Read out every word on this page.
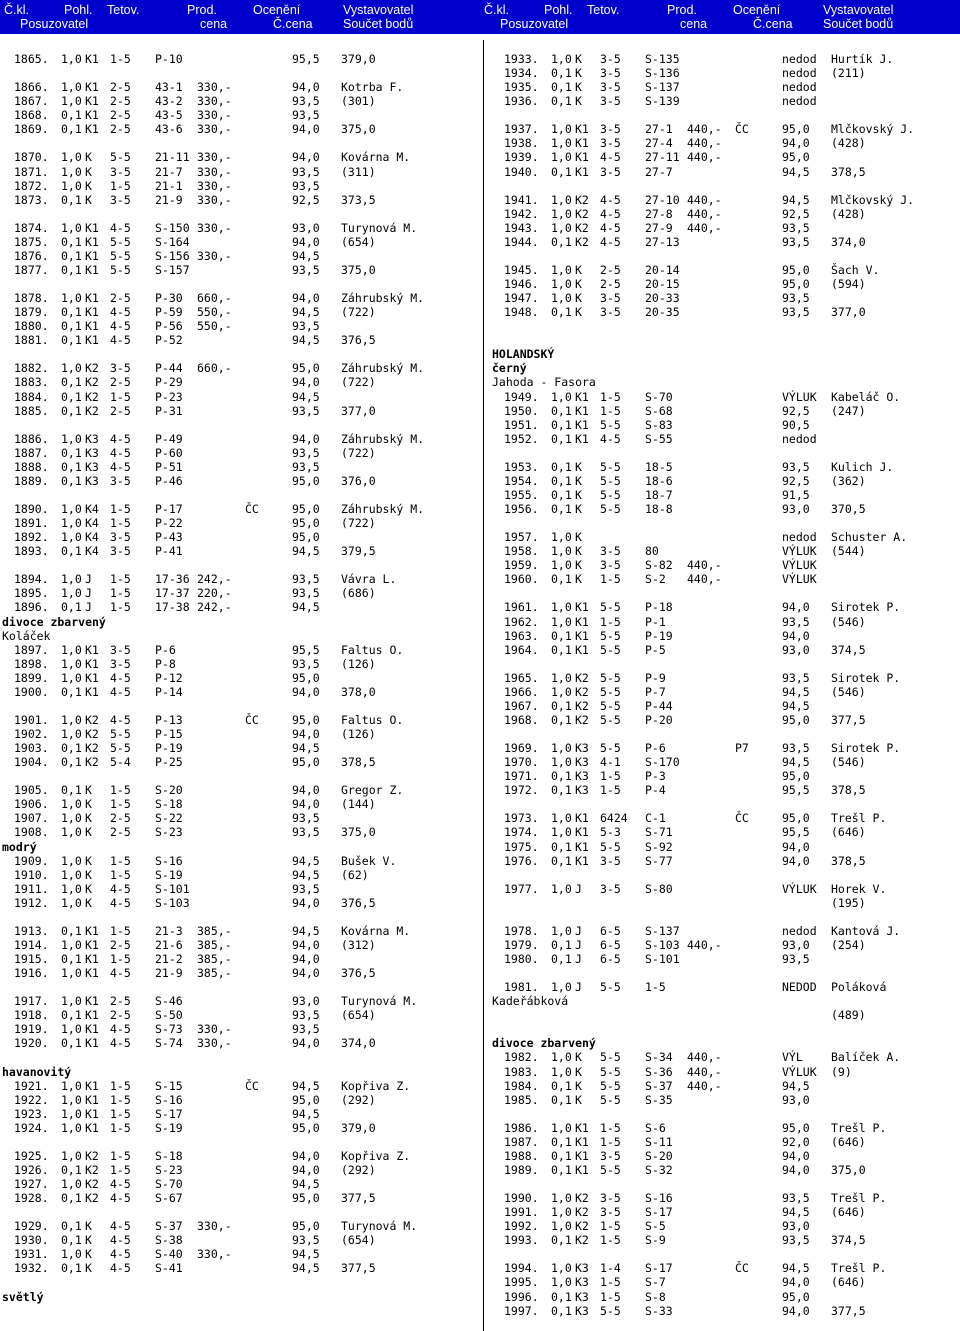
Č.kl.
Posuzovatel
Pohl. Tetov.	Prod.
cena
Ocenění
Č.cena
Vystavovatel
Součet bodů
Č.kl.
Posuzovatel
Pohl. Tetov.	Prod.
cena
Ocenění
Č.cena
Vystavovatel
Součet bodů
1865. 1,0 K1 1-5 P-10	95,5 379,0
1866. 1,0 K1 2-5 43-1 330,-	94,0 Kotrba F.
1867. 1,0 K1 2-5 43-2 330,-	93,5 (301)
1868. 0,1 K1 2-5 43-5 330,-	93,5
1869. 0,1 K1 2-5 43-6 330,-	94,0 375,0
1870. 1,0 K 5-5 21-11 330,-	94,0 Kovárna M.
1871. 1,0 K 3-5 21-7 330,-	93,5 (311)
1872. 1,0 K 1-5 21-1 330,-	93,5
1873. 0,1 K 3-5 21-9 330,-	92,5 373,5
1874. 1,0 K1 4-5 S-150 330,-	93,0 Turynová M.
1875. 0,1 K1 5-5 S-164	94,0 (654)
1876. 0,1 K1 5-5 S-156 330,-	94,5
1877. 0,1 K1 5-5 S-157	93,5 375,0
1878. 1,0 K1 2-5 P-30 660,-	94,0 Záhrubský M.
1879. 0,1 K1 4-5 P-59 550,-	94,5 (722)
1880. 0,1 K1 4-5 P-56 550,-	93,5
1881. 0,1 K1 4-5 P-52	94,5 376,5
1882. 1,0 K2 3-5 P-44 660,-	95,0 Záhrubský M.
1883. 0,1 K2 2-5 P-29	94,0 (722)
1884. 0,1 K2 1-5 P-23	94,5
1885. 0,1 K2 2-5 P-31	93,5 377,0
1886. 1,0 K3 4-5 P-49	94,0 Záhrubský M.
1887. 0,1 K3 4-5 P-60	93,5 (722)
1888. 0,1 K3 4-5 P-51	93,5
1889. 0,1 K3 3-5 P-46	95,0 376,0
1890. 1,0 K4 1-5 P-17	ČC	95,0 Záhrubský M.
1891. 1,0 K4 1-5 P-22	95,0 (722)
1892. 1,0 K4 3-5 P-43	95,0
1893. 0,1 K4 3-5 P-41	94,5 379,5
1894. 1,0 J 1-5 17-36 242,-	93,5 Vávra L.
1895. 1,0 J 1-5 17-37 220,-	93,5 (686)
1896. 0,1 J 1-5 17-38 242,-	94,5
divoce zbarvený
Koláček
1897. 1,0 K1 3-5 P-6	95,5 Faltus O.
1898. 1,0 K1 3-5 P-8	93,5 (126)
1899. 1,0 K1 4-5 P-12	95,0
1900. 0,1 K1 4-5 P-14	94,0 378,0
1901. 1,0 K2 4-5 P-13	ČC	95,0 Faltus O.
1902. 1,0 K2 5-5 P-15	94,0 (126)
1903. 0,1 K2 5-5 P-19	94,5
1904. 0,1 K2 5-4 P-25	95,0 378,5
1905. 0,1 K 1-5 S-20	94,0 Gregor Z.
1906. 1,0 K 1-5 S-18	94,0 (144)
1907. 1,0 K 2-5 S-22	93,5
1908. 1,0 K 2-5 S-23	93,5 375,0
modrý
1909. 1,0 K 1-5 S-16	94,5 Bušek V.
1910. 1,0 K 1-5 S-19	94,5 (62)
1911. 1,0 K 4-5 S-101	93,5
1912. 1,0 K 4-5 S-103	94,0 376,5
1913. 0,1 K1 1-5 21-3 385,-	94,5 Kovárna M.
1914. 1,0 K1 2-5 21-6 385,-	94,0 (312)
1915. 0,1 K1 1-5 21-2 385,-	94,0
1916. 1,0 K1 4-5 21-9 385,-	94,0 376,5
1917. 1,0 K1 2-5 S-46	93,0 Turynová M.
1918. 0,1 K1 2-5 S-50	93,5 (654)
1919. 1,0 K1 4-5 S-73 330,-	93,5
1920. 0,1 K1 4-5 S-74 330,-	94,0 374,0
havanovitý
1921. 1,0 K1 1-5 S-15	ČC	94,5 Kopřiva Z.
1922. 1,0 K1 1-5 S-16	95,0 (292)
1923. 1,0 K1 1-5 S-17	94,5
1924. 1,0 K1 1-5 S-19	95,0 379,0
1925. 1,0 K2 1-5 S-18	94,0 Kopřiva Z.
1926. 0,1 K2 1-5 S-23	94,0 (292)
1927. 1,0 K2 4-5 S-70	94,5
1928. 0,1 K2 4-5 S-67	95,0 377,5
1929. 0,1 K 4-5 S-37 330,-	95,0 Turynová M.
1930. 0,1 K 4-5 S-38	93,5 (654)
1931. 1,0 K 4-5 S-40 330,-	94,5
1932. 0,1 K 4-5 S-41	94,5 377,5
světlý
1933. 1,0 K 3-5 S-135	nedod Hurtík J.
1934. 0,1 K 3-5 S-136	nedod (211)
1935. 0,1 K 3-5 S-137	nedod
1936. 0,1 K 3-5 S-139	nedod
1937. 1,0 K1 3-5 27-1 440,- ČC	95,0 Mlčkovský J.
1938. 1,0 K1 3-5 27-4 440,-	94,0 (428)
1939. 1,0 K1 4-5 27-11 440,-	95,0
1940. 0,1 K1 3-5 27-7	94,5 378,5
1941. 1,0 K2 4-5 27-10 440,-	94,5 Mlčkovský J.
1942. 1,0 K2 4-5 27-8 440,-	92,5 (428)
1943. 1,0 K2 4-5 27-9 440,-	93,5
1944. 0,1 K2 4-5 27-13	93,5 374,0
1945. 1,0 K 2-5 20-14	95,0 Šach V.
1946. 1,0 K 2-5 20-15	95,0 (594)
1947. 1,0 K 3-5 20-33	93,5
1948. 0,1 K 3-5 20-35	93,5 377,0
HOLANDSKÝ
černý
Jahoda - Fasora
1949. 1,0 K1 1-5 S-70	VÝLUK Kabeláč O.
1950. 0,1 K1 1-5 S-68	92,5 (247)
1951. 0,1 K1 5-5 S-83	90,5
1952. 0,1 K1 4-5 S-55	nedod
1953. 0,1 K 5-5 18-5	93,5 Kulich J.
1954. 0,1 K 5-5 18-6	92,5 (362)
1955. 0,1 K 5-5 18-7	91,5
1956. 0,1 K 5-5 18-8	93,0 370,5
1957. 1,0 K	nedod Schuster A.
1958. 1,0 K 3-5 80	VÝLUK (544)
1959. 1,0 K 3-5 S-82 440,-	VÝLUK
1960. 0,1 K 1-5 S-2 440,-	VÝLUK
1961. 1,0 K1 5-5 P-18	94,0 Sirotek P.
1962. 1,0 K1 1-5 P-1	93,5 (546)
1963. 0,1 K1 5-5 P-19	94,0
1964. 0,1 K1 5-5 P-5	93,0 374,5
1965. 1,0 K2 5-5 P-9	93,5 Sirotek P.
1966. 1,0 K2 5-5 P-7	94,5 (546)
1967. 0,1 K2 5-5 P-44	94,5
1968. 0,1 K2 5-5 P-20	95,0 377,5
1969. 1,0 K3 5-5 P-6	P7	93,5 Sirotek P.
1970. 1,0 K3 4-1 S-170	94,5 (546)
1971. 0,1 K3 1-5 P-3	95,0
1972. 0,1 K3 1-5 P-4	95,5 378,5
1973. 1,0 K1 6424 C-1	ČC	95,0 Trešl P.
1974. 1,0 K1 5-3 S-71	95,5 (646)
1975. 0,1 K1 5-5 S-92	94,0
1976. 0,1 K1 3-5 S-77	94,0 378,5
1977. 1,0 J 3-5 S-80	VÝLUK Horek V.
(195)
1978. 1,0 J 6-5 S-137	nedod Kantová J.
1979. 0,1 J 6-5 S-103 440,-	93,0 (254)
1980. 0,1 J 6-5 S-101	93,5
1981. 1,0 J 5-5 1-5	NEDOD Poláková
Kadeřábková
(489)
divoce zbarvený
1982. 1,0 K 5-5 S-34 440,-	VÝL Balíček A.
1983. 1,0 K 5-5 S-36 440,-	VÝLUK (9)
1984. 0,1 K 5-5 S-37 440,-	94,5
1985. 0,1 K 5-5 S-35	93,0
1986. 1,0 K1 1-5 S-6	95,0 Trešl P.
1987. 0,1 K1 1-5 S-11	92,0 (646)
1988. 0,1 K1 3-5 S-20	94,0
1989. 0,1 K1 5-5 S-32	94,0 375,0
1990. 1,0 K2 3-5 S-16	93,5 Trešl P.
1991. 1,0 K2 3-5 S-17	94,5 (646)
1992. 1,0 K2 1-5 S-5	93,0
1993. 0,1 K2 1-5 S-9	93,5 374,5
1994. 1,0 K3 1-4 S-17	ČC	94,5 Trešl P.
1995. 1,0 K3 1-5 S-7	94,0 (646)
1996. 0,1 K3 1-5 S-8	95,0
1997. 0,1 K3 5-5 S-33	94,0 377,5
